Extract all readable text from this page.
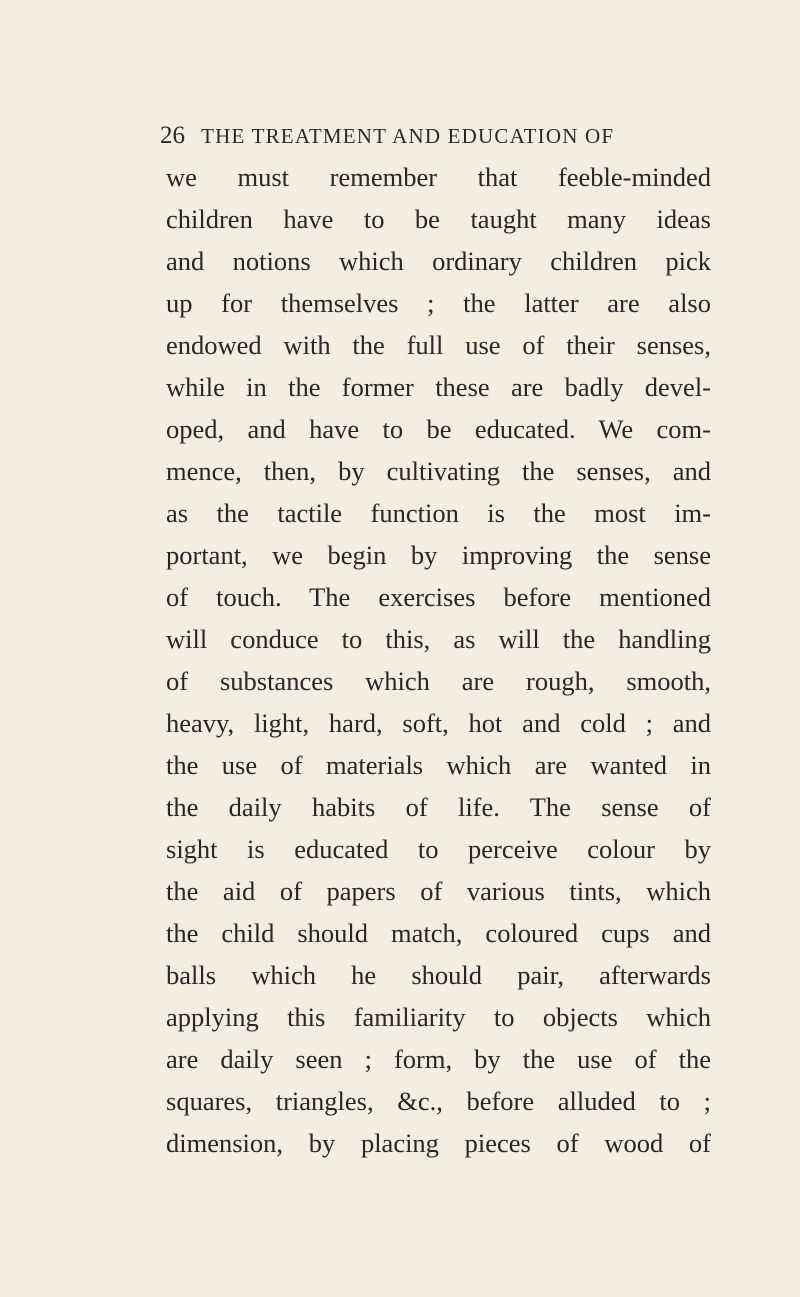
26 THE TREATMENT AND EDUCATION OF
we must remember that feeble-minded
children have to be taught many ideas
and notions which ordinary children pick
up for themselves ; the latter are also
endowed with the full use of their senses,
while in the former these are badly devel-
oped, and have to be educated. We com-
mence, then, by cultivating the senses, and
as the tactile function is the most im-
portant, we begin by improving the sense
of touch. The exercises before mentioned
will conduce to this, as will the handling
of substances which are rough, smooth,
heavy, light, hard, soft, hot and cold ; and
the use of materials which are wanted in
the daily habits of life. The sense of
sight is educated to perceive colour by
the aid of papers of various tints, which
the child should match, coloured cups and
balls which he should pair, afterwards
applying this familiarity to objects which
are daily seen ; form, by the use of the
squares, triangles, &c., before alluded to ;
dimension, by placing pieces of wood of
